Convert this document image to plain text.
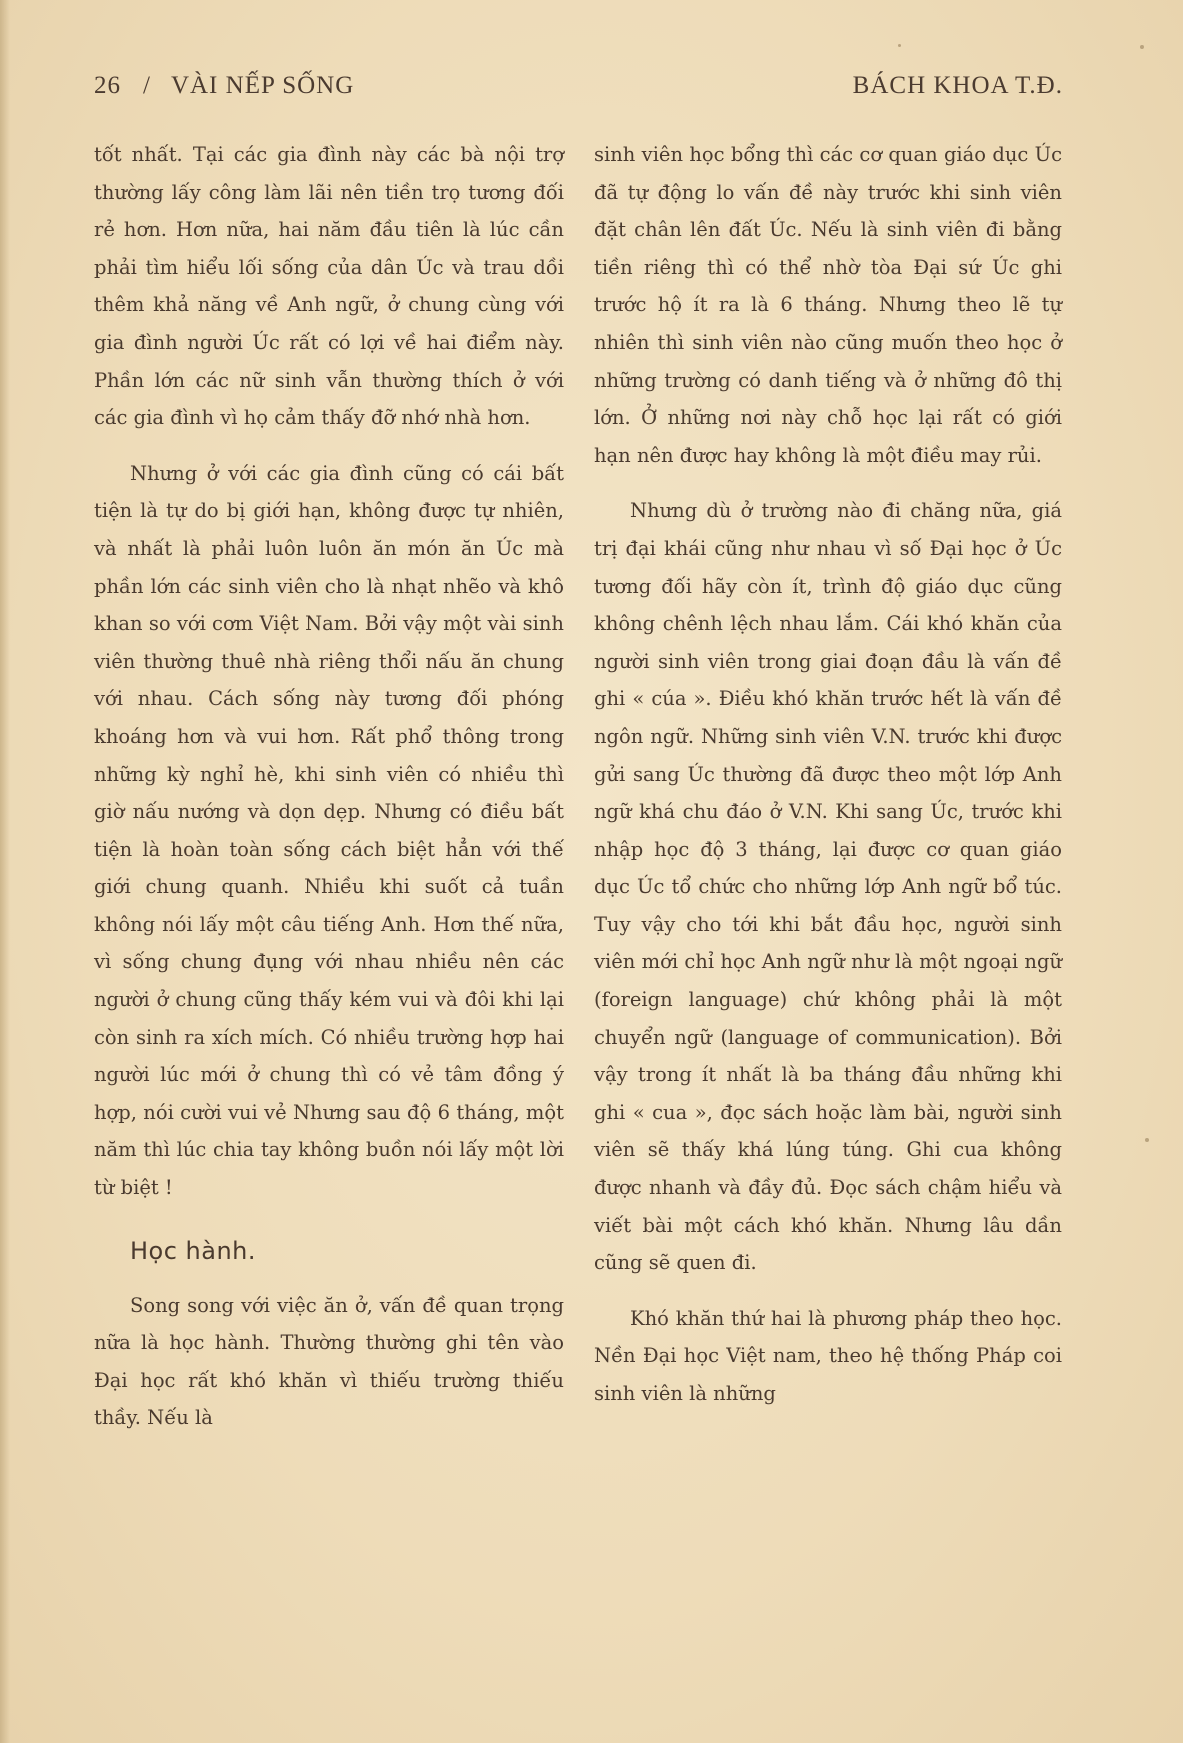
26 / VÀI NẾP SỐNG	BÁCH KHOA T.Đ.

tốt nhất. Tại các gia đình này các bà nội trợ thường lấy công làm lãi nên tiền trọ tương đối rẻ hơn. Hơn nữa, hai năm đầu tiên là lúc cần phải tìm hiểu lối sống của dân Úc và trau dồi thêm khả năng về Anh ngữ, ở chung cùng với gia đình người Úc rất có lợi về hai điểm này. Phần lớn các nữ sinh vẫn thường thích ở với các gia đình vì họ cảm thấy đỡ nhớ nhà hơn.

Nhưng ở với các gia đình cũng có cái bất tiện là tự do bị giới hạn, không được tự nhiên, và nhất là phải luôn luôn ăn món ăn Úc mà phần lớn các sinh viên cho là nhạt nhẽo và khô khan so với cơm Việt Nam. Bởi vậy một vài sinh viên thường thuê nhà riêng thổi nấu ăn chung với nhau. Cách sống này tương đối phóng khoáng hơn và vui hơn. Rất phổ thông trong những kỳ nghỉ hè, khi sinh viên có nhiều thì giờ nấu nướng và dọn dẹp. Nhưng có điều bất tiện là hoàn toàn sống cách biệt hẳn với thế giới chung quanh. Nhiều khi suốt cả tuần không nói lấy một câu tiếng Anh. Hơn thế nữa, vì sống chung đụng với nhau nhiều nên các người ở chung cũng thấy kém vui và đôi khi lại còn sinh ra xích mích. Có nhiều trường hợp hai người lúc mới ở chung thì có vẻ tâm đồng ý hợp, nói cười vui vẻ Nhưng sau độ 6 tháng, một năm thì lúc chia tay không buồn nói lấy một lời từ biệt !

Học hành.

Song song với việc ăn ở, vấn đề quan trọng nữa là học hành. Thường thường ghi tên vào Đại học rất khó khăn vì thiếu trường thiếu thầy. Nếu là

sinh viên học bổng thì các cơ quan giáo dục Úc đã tự động lo vấn đề này trước khi sinh viên đặt chân lên đất Úc. Nếu là sinh viên đi bằng tiền riêng thì có thể nhờ tòa Đại sứ Úc ghi trước hộ ít ra là 6 tháng. Nhưng theo lẽ tự nhiên thì sinh viên nào cũng muốn theo học ở những trường có danh tiếng và ở những đô thị lớn. Ở những nơi này chỗ học lại rất có giới hạn nên được hay không là một điều may rủi.

Nhưng dù ở trường nào đi chăng nữa, giá trị đại khái cũng như nhau vì số Đại học ở Úc tương đối hãy còn ít, trình độ giáo dục cũng không chênh lệch nhau lắm. Cái khó khăn của người sinh viên trong giai đoạn đầu là vấn đề ghi « cúa ». Điều khó khăn trước hết là vấn đề ngôn ngữ. Những sinh viên V.N. trước khi được gửi sang Úc thường đã được theo một lớp Anh ngữ khá chu đáo ở V.N. Khi sang Úc, trước khi nhập học độ 3 tháng, lại được cơ quan giáo dục Úc tổ chức cho những lớp Anh ngữ bổ túc. Tuy vậy cho tới khi bắt đầu học, người sinh viên mới chỉ học Anh ngữ như là một ngoại ngữ (foreign language) chứ không phải là một chuyển ngữ (language of communication). Bởi vậy trong ít nhất là ba tháng đầu những khi ghi « cua », đọc sách hoặc làm bài, người sinh viên sẽ thấy khá lúng túng. Ghi cua không được nhanh và đầy đủ. Đọc sách chậm hiểu và viết bài một cách khó khăn. Nhưng lâu dần cũng sẽ quen đi.

Khó khăn thứ hai là phương pháp theo học. Nền Đại học Việt nam, theo hệ thống Pháp coi sinh viên là những
